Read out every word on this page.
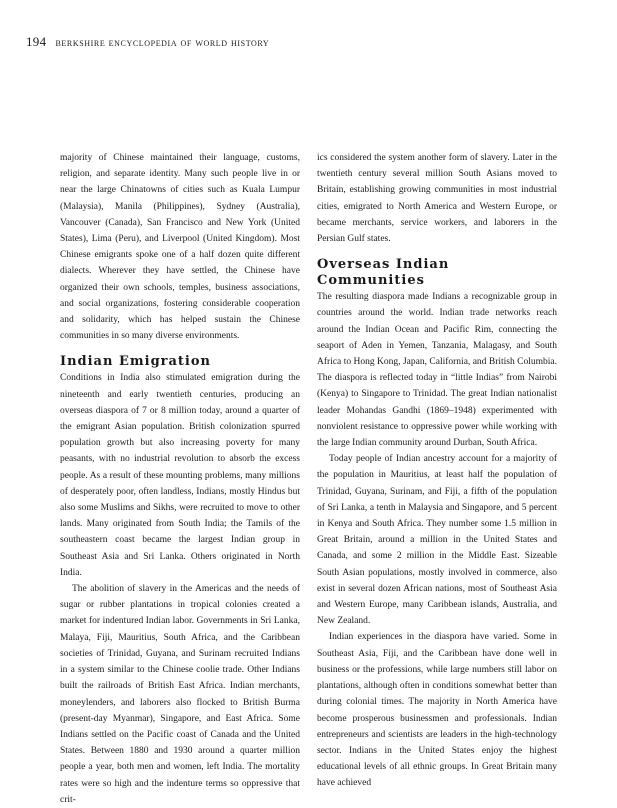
194 berkshire encyclopedia of world history

majority of Chinese maintained their language, customs, religion, and separate identity. Many such people live in or near the large Chinatowns of cities such as Kuala Lumpur (Malaysia), Manila (Philippines), Sydney (Australia), Vancouver (Canada), San Francisco and New York (United States), Lima (Peru), and Liverpool (United Kingdom). Most Chinese emigrants spoke one of a half dozen quite different dialects. Wherever they have settled, the Chinese have organized their own schools, temples, business associations, and social organizations, fostering considerable cooperation and solidarity, which has helped sustain the Chinese communities in so many diverse environments.

Indian Emigration

Conditions in India also stimulated emigration during the nineteenth and early twentieth centuries, producing an overseas diaspora of 7 or 8 million today, around a quarter of the emigrant Asian population. British colonization spurred population growth but also increasing poverty for many peasants, with no industrial revolution to absorb the excess people. As a result of these mounting problems, many millions of desperately poor, often landless, Indians, mostly Hindus but also some Muslims and Sikhs, were recruited to move to other lands. Many originated from South India; the Tamils of the southeastern coast became the largest Indian group in Southeast Asia and Sri Lanka. Others originated in North India.

The abolition of slavery in the Americas and the needs of sugar or rubber plantations in tropical colonies created a market for indentured Indian labor. Governments in Sri Lanka, Malaya, Fiji, Mauritius, South Africa, and the Caribbean societies of Trinidad, Guyana, and Surinam recruited Indians in a system similar to the Chinese coolie trade. Other Indians built the railroads of British East Africa. Indian merchants, moneylenders, and laborers also flocked to British Burma (present-day Myanmar), Singapore, and East Africa. Some Indians settled on the Pacific coast of Canada and the United States. Between 1880 and 1930 around a quarter million people a year, both men and women, left India. The mortality rates were so high and the indenture terms so oppressive that crit-

ics considered the system another form of slavery. Later in the twentieth century several million South Asians moved to Britain, establishing growing communities in most industrial cities, emigrated to North America and Western Europe, or became merchants, service workers, and laborers in the Persian Gulf states.

Overseas Indian Communities

The resulting diaspora made Indians a recognizable group in countries around the world. Indian trade networks reach around the Indian Ocean and Pacific Rim, connecting the seaport of Aden in Yemen, Tanzania, Malagasy, and South Africa to Hong Kong, Japan, California, and British Columbia. The diaspora is reflected today in “little Indias” from Nairobi (Kenya) to Singapore to Trinidad. The great Indian nationalist leader Mohandas Gandhi (1869–1948) experimented with nonviolent resistance to oppressive power while working with the large Indian community around Durban, South Africa.

Today people of Indian ancestry account for a majority of the population in Mauritius, at least half the population of Trinidad, Guyana, Surinam, and Fiji, a fifth of the population of Sri Lanka, a tenth in Malaysia and Singapore, and 5 percent in Kenya and South Africa. They number some 1.5 million in Great Britain, around a million in the United States and Canada, and some 2 million in the Middle East. Sizeable South Asian populations, mostly involved in commerce, also exist in several dozen African nations, most of Southeast Asia and Western Europe, many Caribbean islands, Australia, and New Zealand.

Indian experiences in the diaspora have varied. Some in Southeast Asia, Fiji, and the Caribbean have done well in business or the professions, while large numbers still labor on plantations, although often in conditions somewhat better than during colonial times. The majority in North America have become prosperous businessmen and professionals. Indian entrepreneurs and scientists are leaders in the high-technology sector. Indians in the United States enjoy the highest educational levels of all ethnic groups. In Great Britain many have achieved
